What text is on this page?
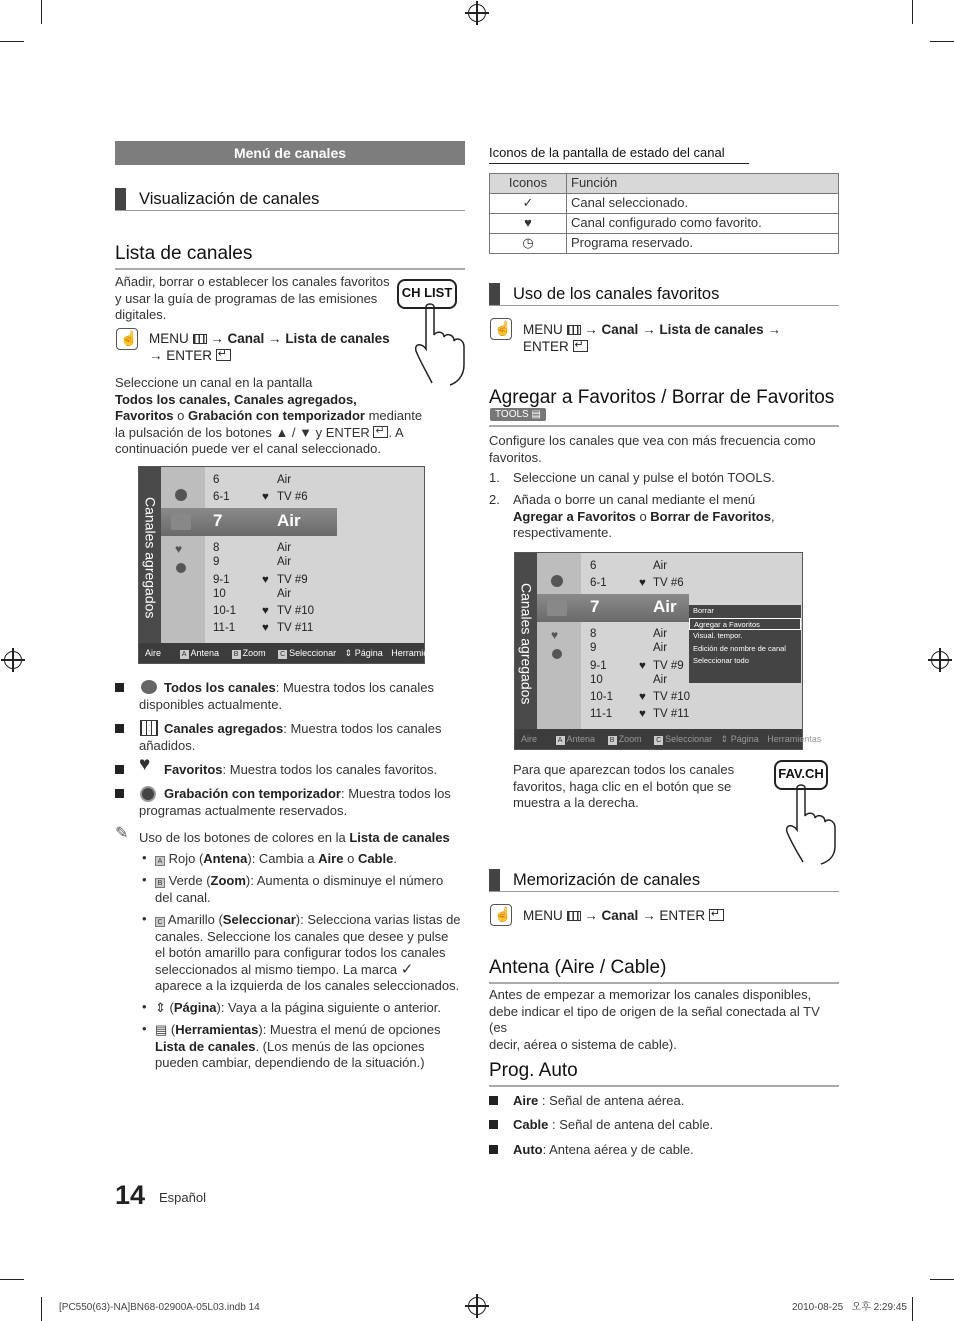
Menú de canales
Visualización de canales
Lista de canales
Añadir, borrar o establecer los canales favoritos y usar la guía de programas de las emisiones digitales.
CH LIST
☝
MENU  → Canal → Lista de canales
→ ENTER ↵
Seleccione un canal en la pantalla
Todos los canales, Canales agregados,
Favoritos o Grabación con temporizador mediante
la pulsación de los botones ▲ / ▼ y ENTER ↵ . A
continuación puede ver el canal seleccionado.
Canales agregados ♥
6	Air
6-1	♥ TV #6
7	Air
8	Air
9	Air
9-1	♥ TV #9
10	Air
10-1 ♥ TV #10
11-1 ♥ TV #11
Aire	A Antena B Zoom C Seleccionar ⇕ Página Herramientas
Todos los canales: Muestra todos los canales
disponibles actualmente.
Canales agregados: Muestra todos los canales
añadidos.
♥ Favoritos: Muestra todos los canales favoritos.
Grabación con temporizador: Muestra todos los
programas actualmente reservados.
✎ Uso de los botones de colores en la Lista de canales
•	A Rojo (Antena): Cambia a Aire o Cable.
•	B Verde (Zoom): Aumenta o disminuye el número
del canal.
•	C Amarillo (Seleccionar): Selecciona varias listas de
canales. Seleccione los canales que desee y pulse
el botón amarillo para configurar todos los canales
seleccionados al mismo tiempo. La marca ✓
aparece a la izquierda de los canales seleccionados.
• ⇕ (Página): Vaya a la página siguiente o anterior.
• ▤ (Herramientas): Muestra el menú de opciones
Lista de canales. (Los menús de las opciones
pueden cambiar, dependiendo de la situación.)
Iconos de la pantalla de estado del canal
Iconos	Función
✓	Canal seleccionado.
♥	Canal configurado como favorito.
◷	Programa reservado.
Uso de los canales favoritos
☝
MENU → Canal → Lista de canales →
ENTER ↵
Agregar a Favoritos / Borrar de Favoritos
TOOLS ▤
Configure los canales que vea con más frecuencia como
favoritos.
1. Seleccione un canal y pulse el botón TOOLS.
2. Añada o borre un canal mediante el menú
Agregar a Favoritos o Borrar de Favoritos,
respectivamente.
Canales agregados ♥
6	Air
6-1	♥ TV #6
7	Air
8	Air
9	Air
9-1	♥ TV #9
10	Air
10-1 ♥ TV #10
11-1 ♥ TV #11
Borrar
Agregar a Favoritos
Visual. tempor.
Edición de nombre de canal
Seleccionar todo
Aire	A Antena B Zoom C Seleccionar ⇕ Página Herramientas
Para que aparezcan todos los canales
favoritos, haga clic en el botón que se
muestra a la derecha.
FAV.CH
Memorización de canales
☝
MENU → Canal → ENTER ↵
Antena (Aire / Cable)
Antes de empezar a memorizar los canales disponibles,
debe indicar el tipo de origen de la señal conectada al TV (es
decir, aérea o sistema de cable).
Prog. Auto
Aire : Señal de antena aérea.
Cable : Señal de antena del cable.
Auto: Antena aérea y de cable.
14 Español
[PC550(63)-NA]BN68-02900A-05L03.indb 14	2010-08-25   오후 2:29:45
